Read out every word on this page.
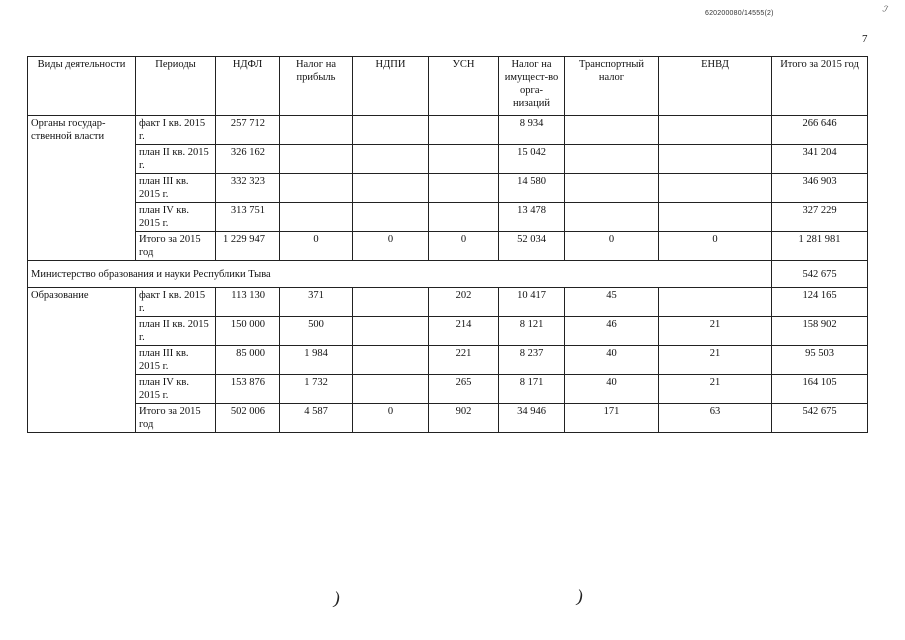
620200080/14555(2)	ℐ
7
Виды деятельности	Периоды	НДФЛ	Налог на прибыль	НДПИ	УСН	Налог на имущест-во орга-низаций	Транспортный налог	ЕНВД	Итого за 2015 год
Органы государ-ственной власти	факт I кв. 2015 г.	257 712				8 934			266 646
	план II кв. 2015 г.	326 162				15 042			341 204
	план III кв. 2015 г.	332 323				14 580			346 903
	план IV кв. 2015 г.	313 751				13 478			327 229
	Итого за 2015 год	1 229 947	0	0	0	52 034	0	0	1 281 981
Министерство образования и науки Республики Тыва									542 675
Образование	факт I кв. 2015 г.	113 130	371		202	10 417	45		124 165
	план II кв. 2015 г.	150 000	500		214	8 121	46	21	158 902
	план III кв. 2015 г.	85 000	1 984		221	8 237	40	21	95 503
	план IV кв. 2015 г.	153 876	1 732		265	8 171	40	21	164 105
	Итого за 2015 год	502 006	4 587	0	902	34 946	171	63	542 675
)	)
